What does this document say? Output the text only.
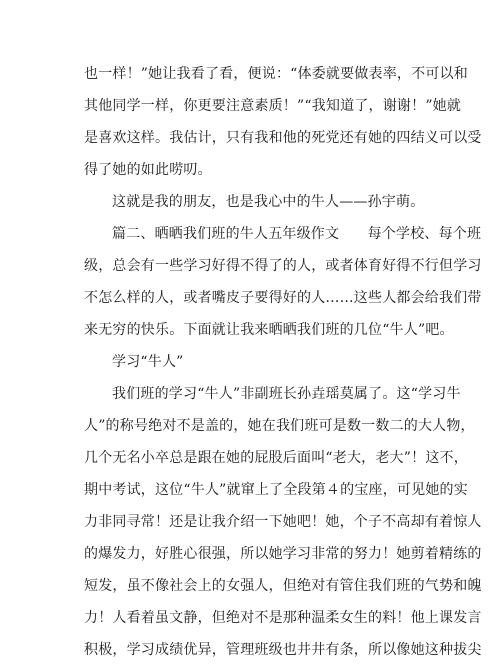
也一样！”她让我看了看，便说：“体委就要做表率，不可以和
其他同学一样，你更要注意素质！”“我知道了，谢谢！”她就
是喜欢这样。我估计，只有我和他的死党还有她的四结义可以受
得了她的如此唠叨。
这就是我的朋友，也是我心中的牛人——孙宇萌。
篇二、晒晒我们班的牛人五年级作文　　每个学校、每个班
级，总会有一些学习好得不得了的人，或者体育好得不行但学习
不怎么样的人，或者嘴皮子要得好的人……这些人都会给我们带
来无穷的快乐。下面就让我来晒晒我们班的几位“牛人”吧。
学习“牛人”
我们班的学习“牛人”非副班长孙垚瑶莫属了。这“学习牛
人”的称号绝对不是盖的，她在我们班可是数一数二的大人物，
几个无名小卒总是跟在她的屁股后面叫“老大，老大”！这不，
期中考试，这位“牛人”就窜上了全段第４的宝座，可见她的实
力非同寻常！还是让我介绍一下她吧！她，个子不高却有着惊人
的爆发力，好胜心很强，所以她学习非常的努力！她剪着精练的
短发，虽不像社会上的女强人，但绝对有管住我们班的气势和魄
力！人看着虽文静，但绝对不是那种温柔女生的料！他上课发言
积极，学习成绩优异，管理班级也井井有条，所以像她这种拔尖
